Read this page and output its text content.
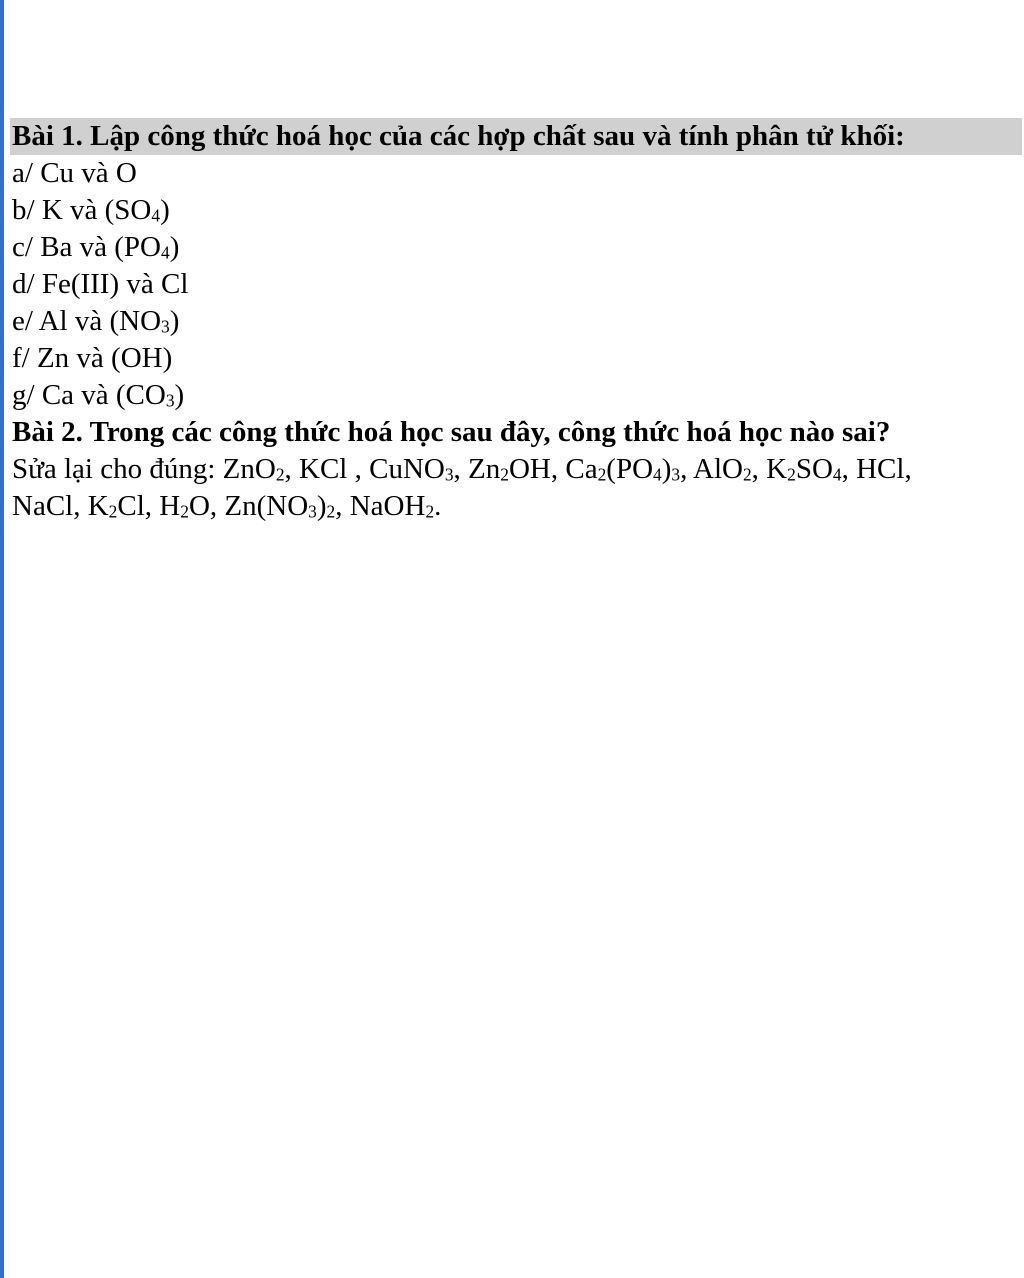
Bài 1. Lập công thức hoá học của các hợp chất sau và tính phân tử khối:
a/ Cu và O
b/ K và $(SO_4)$
c/ Ba và $(PO_4)$
d/ Fe(III) và Cl
e/ Al và $(NO_3)$
f/ Zn và (OH)
g/ Ca và $(CO_3)$
Bài 2. Trong các công thức hoá học sau đây, công thức hoá học nào sai?
Sửa lại cho đúng: ZnO$_2$, KCl , CuNO$_3$, $Zn_2OH$, $Ca_2(PO_4)_3$, AlO$_2$, $K_2SO_4$, HCl,
NaCl, $K_2Cl$, $H_2O$, $Zn(NO_3)_2$, NaOH$_2$.
